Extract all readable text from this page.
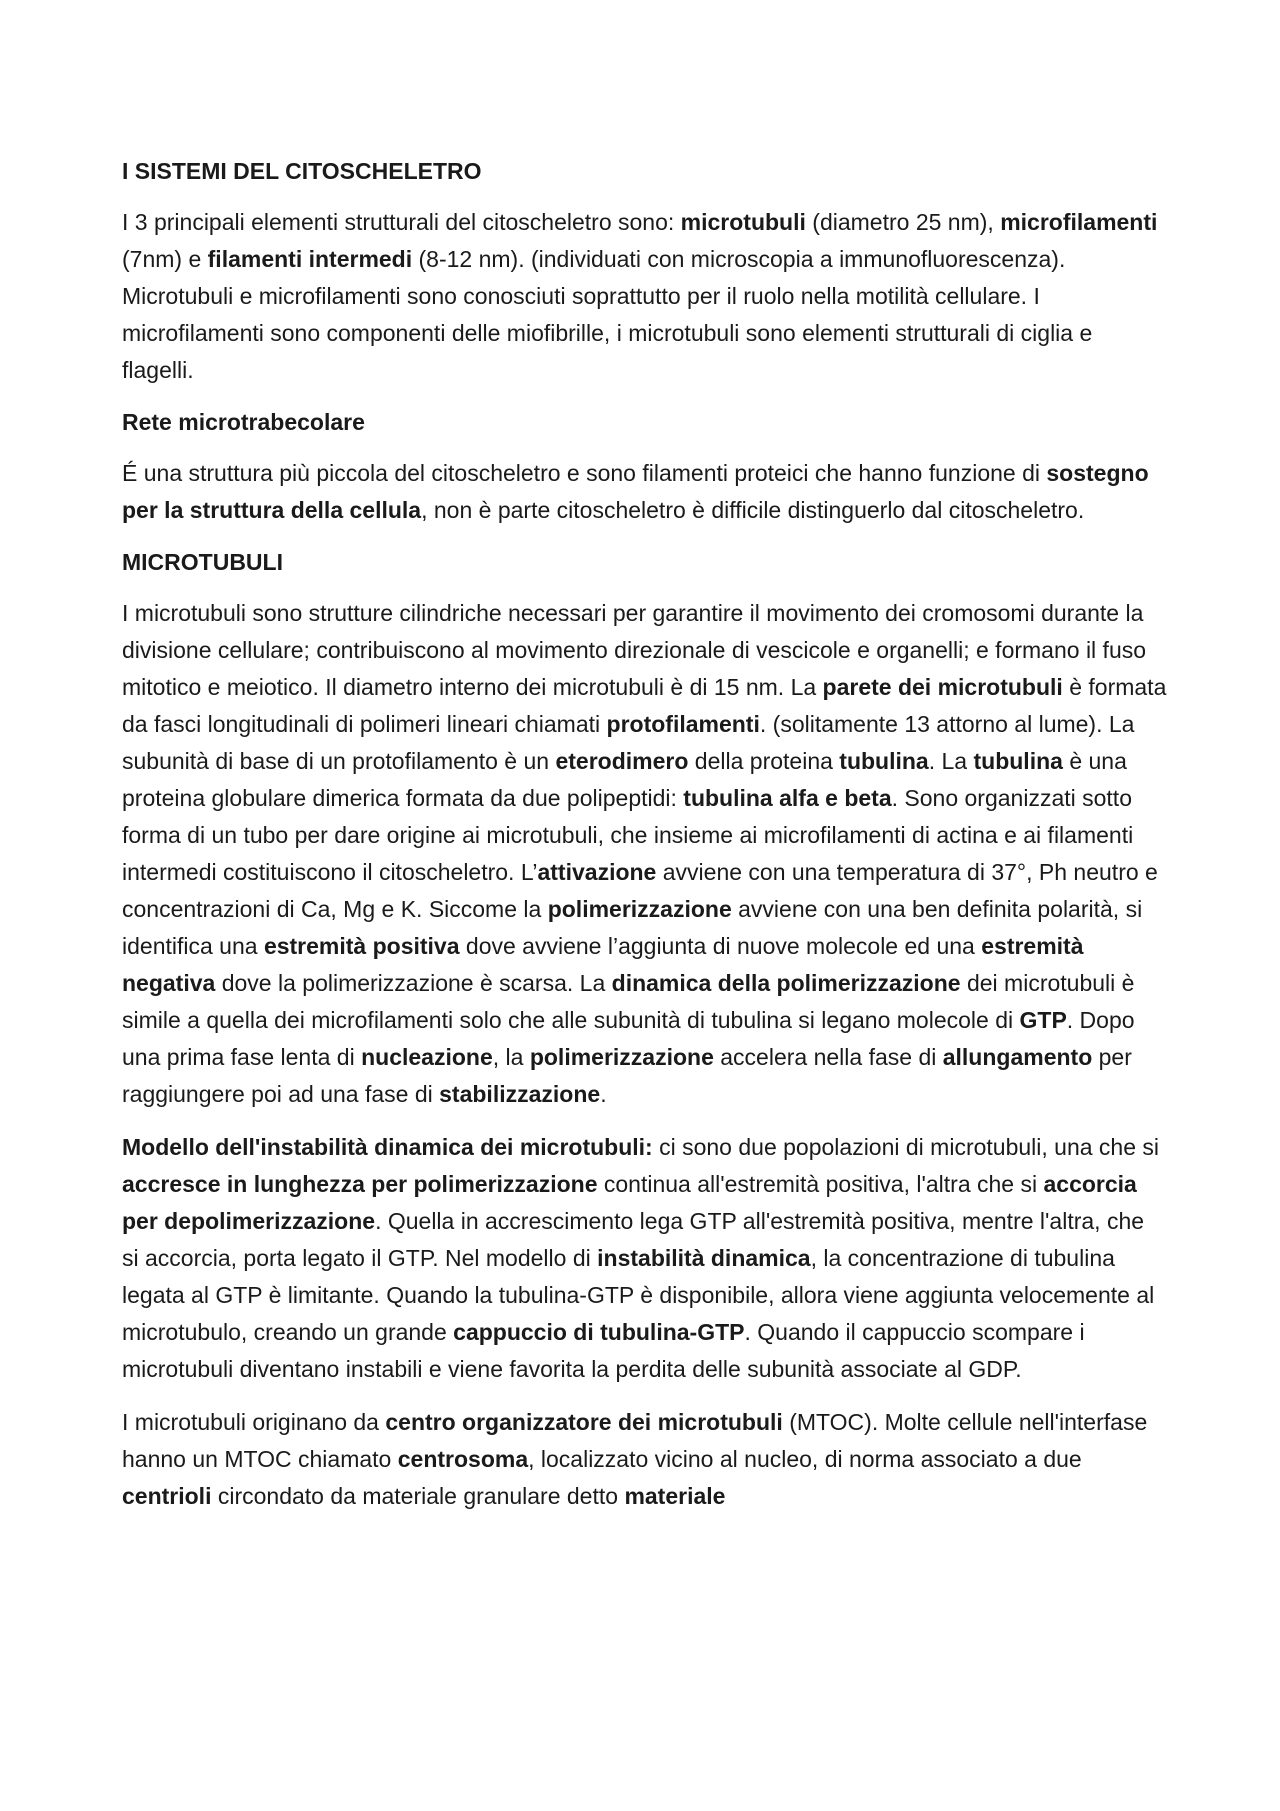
I SISTEMI DEL CITOSCHELETRO

I 3 principali elementi strutturali del citoscheletro sono: microtubuli (diametro 25 nm), microfilamenti (7nm) e filamenti intermedi (8-12 nm). (individuati con microscopia a immunofluorescenza). Microtubuli e microfilamenti sono conosciuti soprattutto per il ruolo nella motilità cellulare. I microfilamenti sono componenti delle miofibrille, i microtubuli sono elementi strutturali di ciglia e flagelli.

Rete microtrabecolare

É una struttura più piccola del citoscheletro e sono filamenti proteici che hanno funzione di sostegno per la struttura della cellula, non è parte citoscheletro è difficile distinguerlo dal citoscheletro.

MICROTUBULI

I microtubuli sono strutture cilindriche necessari per garantire il movimento dei cromosomi durante la divisione cellulare; contribuiscono al movimento direzionale di vescicole e organelli; e formano il fuso mitotico e meiotico. Il diametro interno dei microtubuli è di 15 nm. La parete dei microtubuli è formata da fasci longitudinali di polimeri lineari chiamati protofilamenti. (solitamente 13 attorno al lume). La subunità di base di un protofilamento è un eterodimero della proteina tubulina. La tubulina è una proteina globulare dimerica formata da due polipeptidi: tubulina alfa e beta. Sono organizzati sotto forma di un tubo per dare origine ai microtubuli, che insieme ai microfilamenti di actina e ai filamenti intermedi costituiscono il citoscheletro. L’attivazione avviene con una temperatura di 37°, Ph neutro e concentrazioni di Ca, Mg e K. Siccome la polimerizzazione avviene con una ben definita polarità, si identifica una estremità positiva dove avviene l’aggiunta di nuove molecole ed una estremità negativa dove la polimerizzazione è scarsa. La dinamica della polimerizzazione dei microtubuli è simile a quella dei microfilamenti solo che alle subunità di tubulina si legano molecole di GTP. Dopo una prima fase lenta di nucleazione, la polimerizzazione accelera nella fase di allungamento per raggiungere poi ad una fase di stabilizzazione.

Modello dell'instabilità dinamica dei microtubuli: ci sono due popolazioni di microtubuli, una che si accresce in lunghezza per polimerizzazione continua all'estremità positiva, l'altra che si accorcia per depolimerizzazione. Quella in accrescimento lega GTP all'estremità positiva, mentre l'altra, che si accorcia, porta legato il GTP. Nel modello di instabilità dinamica, la concentrazione di tubulina legata al GTP è limitante. Quando la tubulina-GTP è disponibile, allora viene aggiunta velocemente al microtubulo, creando un grande cappuccio di tubulina-GTP. Quando il cappuccio scompare i microtubuli diventano instabili e viene favorita la perdita delle subunità associate al GDP.

I microtubuli originano da centro organizzatore dei microtubuli (MTOC). Molte cellule nell'interfase hanno un MTOC chiamato centrosoma, localizzato vicino al nucleo, di norma associato a due centrioli circondato da materiale granulare detto materiale
